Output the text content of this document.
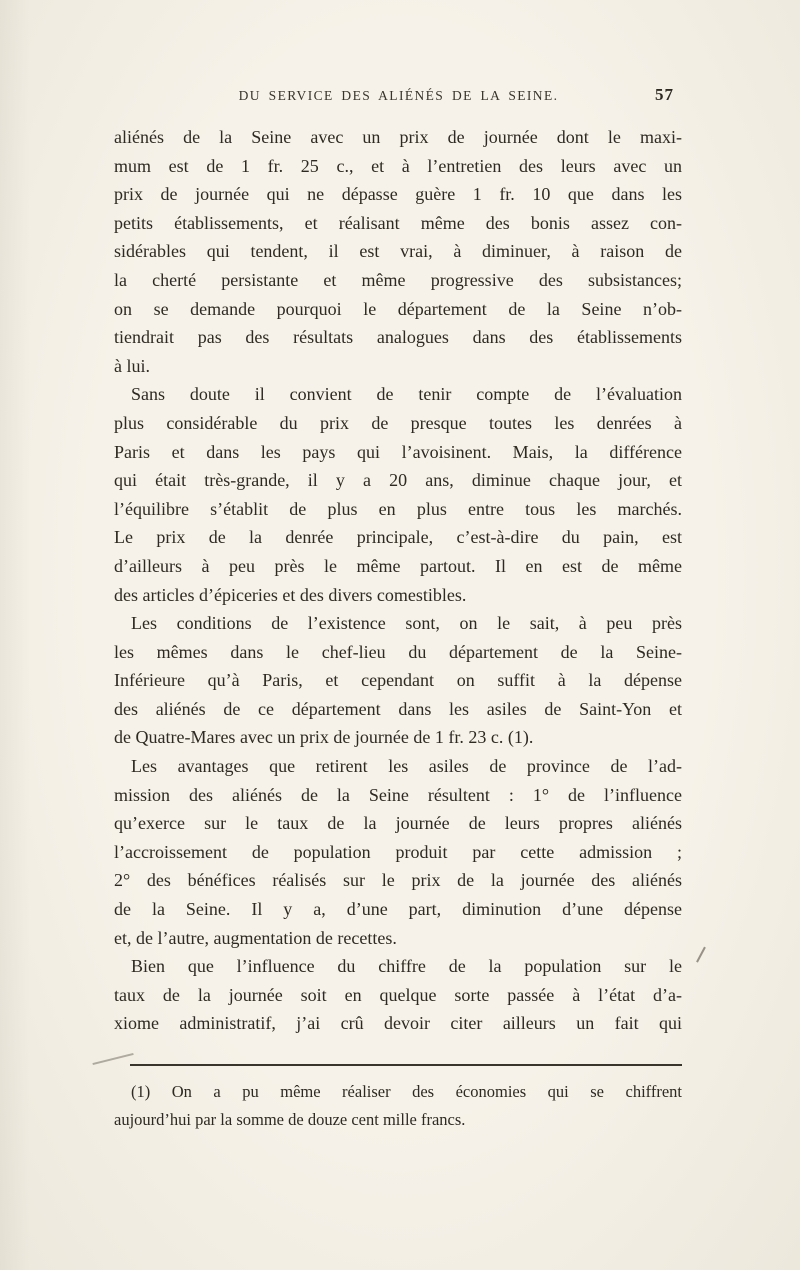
DU SERVICE DES ALIÉNÉS DE LA SEINE.	57
aliénés de la Seine avec un prix de journée dont le maxi-
mum est de 1 fr. 25 c., et à l’entretien des leurs avec un
prix de journée qui ne dépasse guère 1 fr. 10 que dans les
petits établissements, et réalisant même des bonis assez con-
sidérables qui tendent, il est vrai, à diminuer, à raison de
la cherté persistante et même progressive des subsistances;
on se demande pourquoi le département de la Seine n’ob-
tiendrait pas des résultats analogues dans des établissements
à lui.
Sans doute il convient de tenir compte de l’évaluation
plus considérable du prix de presque toutes les denrées à
Paris et dans les pays qui l’avoisinent. Mais, la différence
qui était très-grande, il y a 20 ans, diminue chaque jour, et
l’équilibre s’établit de plus en plus entre tous les marchés.
Le prix de la denrée principale, c’est-à-dire du pain, est
d’ailleurs à peu près le même partout. Il en est de même
des articles d’épiceries et des divers comestibles.
Les conditions de l’existence sont, on le sait, à peu près
les mêmes dans le chef-lieu du département de la Seine-
Inférieure qu’à Paris, et cependant on suffit à la dépense
des aliénés de ce département dans les asiles de Saint-Yon et
de Quatre-Mares avec un prix de journée de 1 fr. 23 c. (1).
Les avantages que retirent les asiles de province de l’ad-
mission des aliénés de la Seine résultent : 1° de l’influence
qu’exerce sur le taux de la journée de leurs propres aliénés
l’accroissement de population produit par cette admission ;
2° des bénéfices réalisés sur le prix de la journée des aliénés
de la Seine. Il y a, d’une part, diminution d’une dépense
et, de l’autre, augmentation de recettes.
Bien que l’influence du chiffre de la population sur le
taux de la journée soit en quelque sorte passée à l’état d’a-
xiome administratif, j’ai crû devoir citer ailleurs un fait qui
(1) On a pu même réaliser des économies qui se chiffrent
aujourd’hui par la somme de douze cent mille francs.
